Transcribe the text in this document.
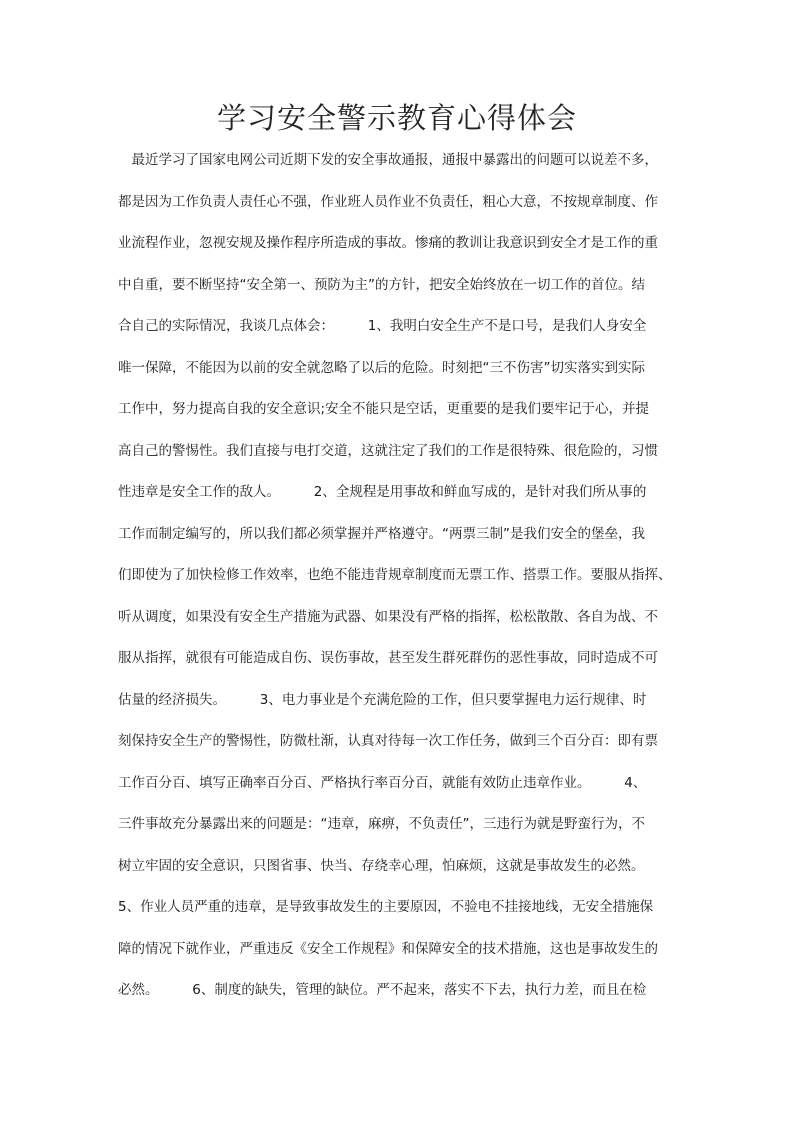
学习安全警示教育心得体会
　最近学习了国家电网公司近期下发的安全事故通报，通报中暴露出的问题可以说差不多，
都是因为工作负责人责任心不强，作业班人员作业不负责任，粗心大意，不按规章制度、作
业流程作业，忽视安规及操作程序所造成的事故。惨痛的教训让我意识到安全才是工作的重
中自重，要不断坚持“安全第一、预防为主”的方针，把安全始终放在一切工作的首位。结
合自己的实际情况，我谈几点体会：　　　1、我明白安全生产不是口号，是我们人身安全
唯一保障，不能因为以前的安全就忽略了以后的危险。时刻把“三不伤害”切实落实到实际
工作中，努力提高自我的安全意识;安全不能只是空话，更重要的是我们要牢记于心，并提
高自己的警惕性。我们直接与电打交道，这就注定了我们的工作是很特殊、很危险的，习惯
性违章是安全工作的敌人。　　　2、全规程是用事故和鲜血写成的，是针对我们所从事的
工作而制定编写的，所以我们都必须掌握并严格遵守。“两票三制”是我们安全的堡垒，我
们即使为了加快检修工作效率，也绝不能违背规章制度而无票工作、搭票工作。要服从指挥、
听从调度，如果没有安全生产措施为武器、如果没有严格的指挥，松松散散、各自为战、不
服从指挥，就很有可能造成自伤、误伤事故，甚至发生群死群伤的恶性事故，同时造成不可
估量的经济损失。　　　3、电力事业是个充满危险的工作，但只要掌握电力运行规律、时
刻保持安全生产的警惕性，防微杜渐，认真对待每一次工作任务，做到三个百分百：即有票
工作百分百、填写正确率百分百、严格执行率百分百，就能有效防止违章作业。　　　4、
三件事故充分暴露出来的问题是：“违章，麻痹，不负责任”，三违行为就是野蛮行为，不
树立牢固的安全意识，只图省事、快当、存绕幸心理，怕麻烦，这就是事故发生的必然。
5、作业人员严重的违章，是导致事故发生的主要原因，不验电不挂接地线，无安全措施保
障的情况下就作业，严重违反《安全工作规程》和保障安全的技术措施，这也是事故发生的
必然。　　　6、制度的缺失，管理的缺位。严不起来，落实不下去，执行力差，而且在检
